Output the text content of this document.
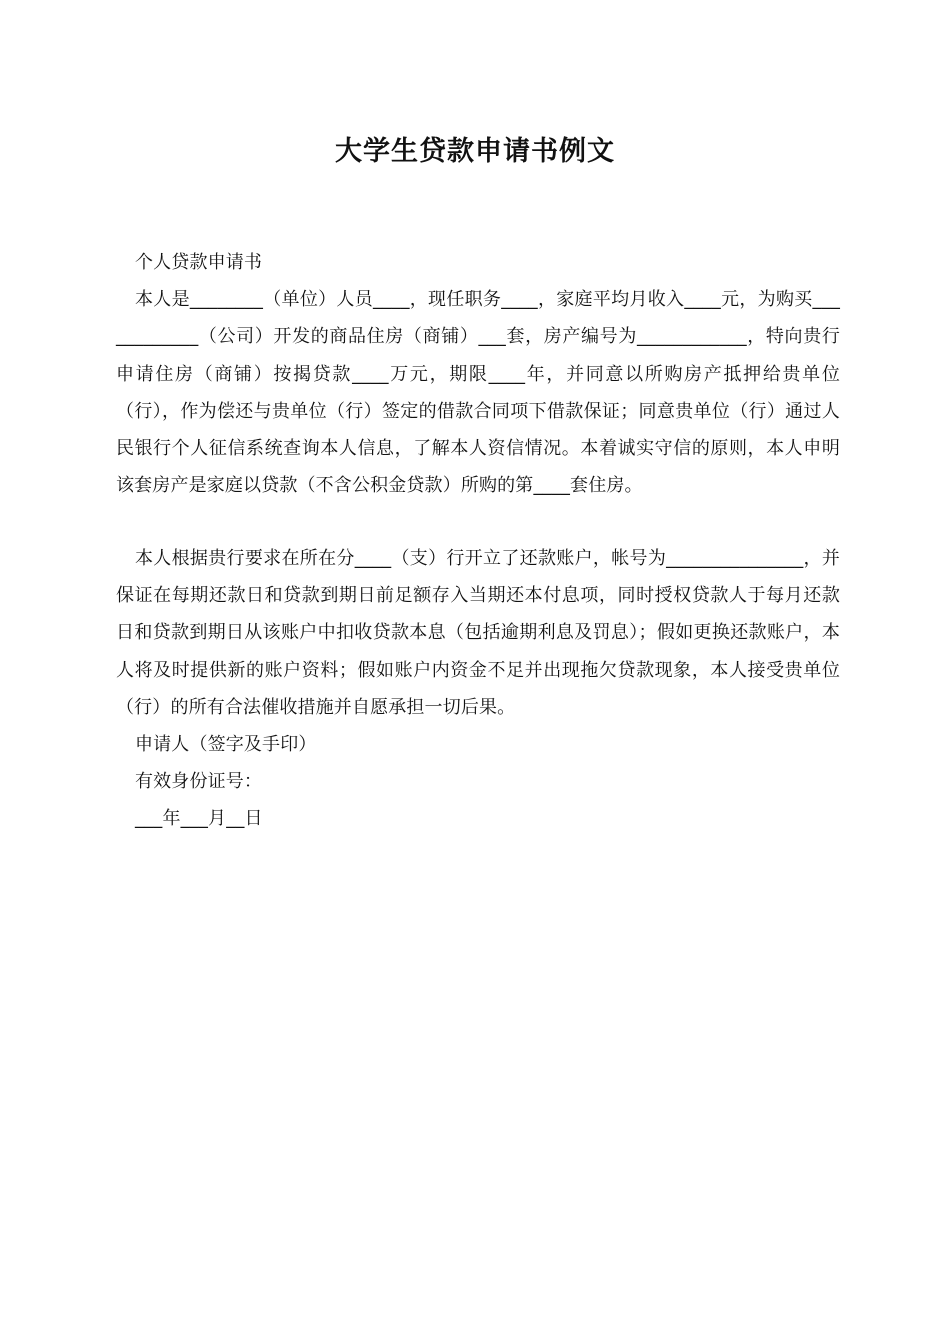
大学生贷款申请书例文

个人贷款申请书

本人是________（单位）人员____，现任职务____，家庭平均月收入____元，为购买____________（公司）开发的商品住房（商铺）___套，房产编号为____________，特向贵行申请住房（商铺）按揭贷款____万元，期限____年，并同意以所购房产抵押给贵单位（行），作为偿还与贵单位（行）签定的借款合同项下借款保证；同意贵单位（行）通过人民银行个人征信系统查询本人信息，了解本人资信情况。本着诚实守信的原则，本人申明该套房产是家庭以贷款（不含公积金贷款）所购的第____套住房。

本人根据贵行要求在所在分____（支）行开立了还款账户，帐号为_______________，并保证在每期还款日和贷款到期日前足额存入当期还本付息项，同时授权贷款人于每月还款日和贷款到期日从该账户中扣收贷款本息（包括逾期利息及罚息）；假如更换还款账户，本人将及时提供新的账户资料；假如账户内资金不足并出现拖欠贷款现象，本人接受贵单位（行）的所有合法催收措施并自愿承担一切后果。

申请人（签字及手印）

有效身份证号：

___年___月__日
